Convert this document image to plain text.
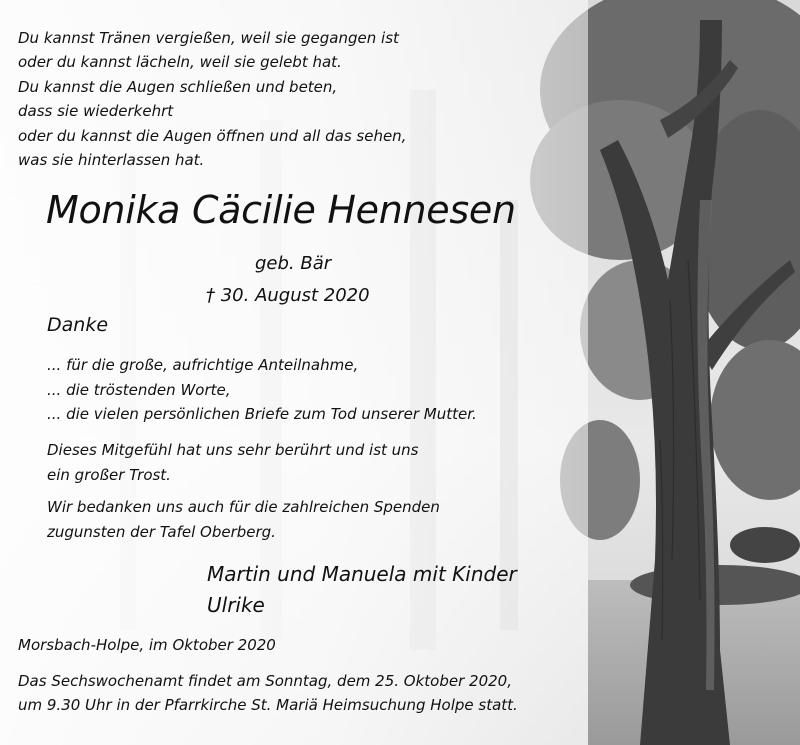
Du kannst Tränen vergießen, weil sie gegangen ist
oder du kannst lächeln, weil sie gelebt hat.
Du kannst die Augen schließen und beten,
dass sie wiederkehrt
oder du kannst die Augen öffnen und all das sehen,
was sie hinterlassen hat.
Monika Cäcilie Hennesen
geb. Bär
† 30. August 2020
Danke
... für die große, aufrichtige Anteilnahme,
... die tröstenden Worte,
... die vielen persönlichen Briefe zum Tod unserer Mutter.
Dieses Mitgefühl hat uns sehr berührt und ist uns
ein großer Trost.
Wir bedanken uns auch für die zahlreichen Spenden
zugunsten der Tafel Oberberg.
Martin und Manuela mit Kinder
Ulrike
Morsbach-Holpe, im Oktober 2020
Das Sechswochenamt findet am Sonntag, dem 25. Oktober 2020,
um 9.30 Uhr in der Pfarrkirche St. Mariä Heimsuchung Holpe statt.
